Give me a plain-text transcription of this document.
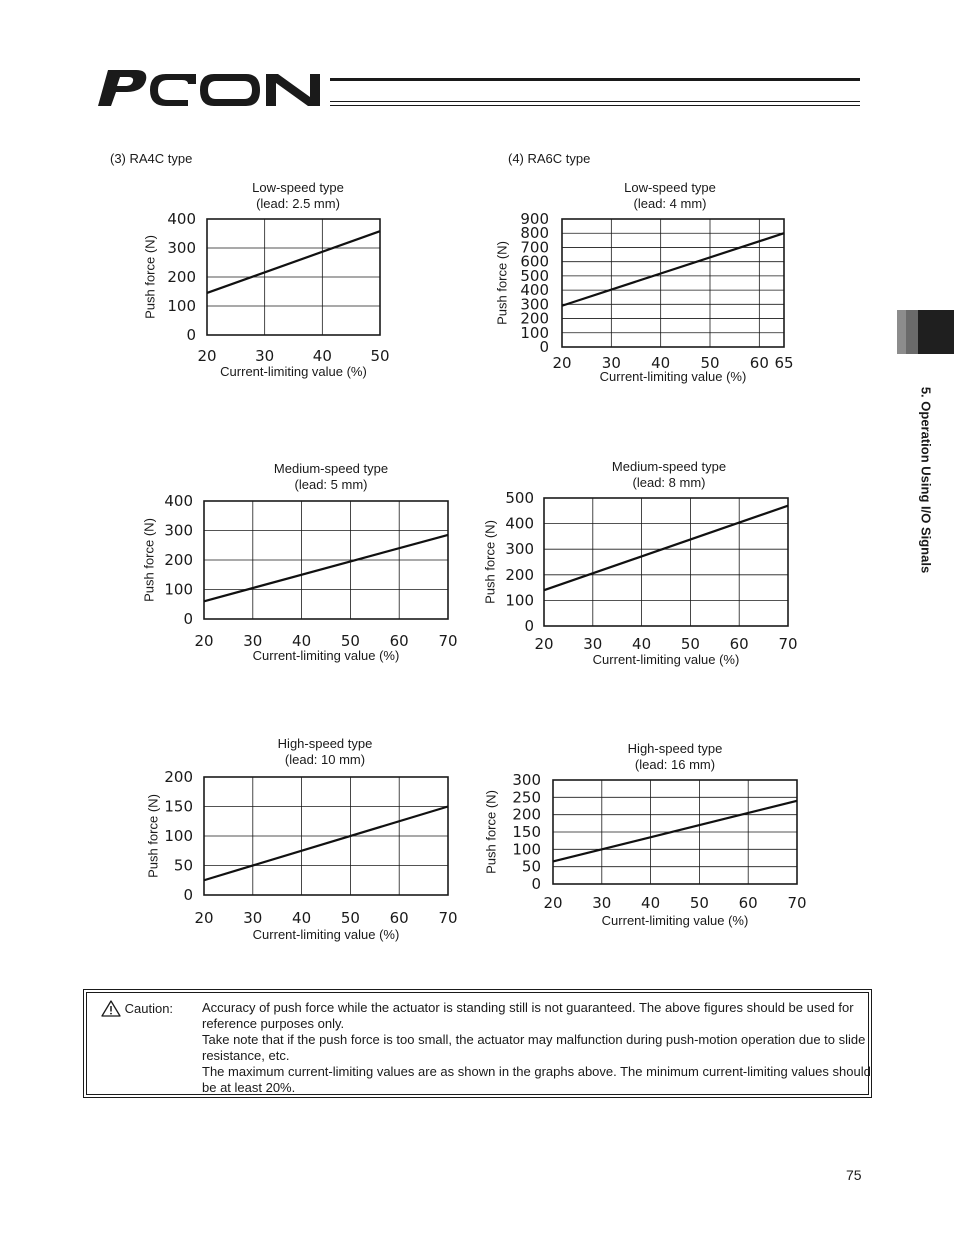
PCON
(3) RA4C type	(4) RA6C type
Low-speed type
(lead: 2.5 mm)
Current-limiting value (%)
Push force (N)
20	30	40	50
0
100
200
300
400
Low-speed type
(lead: 4 mm)
Current-limiting value (%)
Push force (N)
20 30 40 50 60 65
0
100
200
300
400
500
600
700
800
900
Medium-speed type
(lead: 5 mm)
Current-limiting value (%)
Push force (N)
20 30 40 50 60 70
0
100
200
300
400
Medium-speed type
(lead: 8 mm)
Current-limiting value (%)
Push force (N)
20 30 40 50 60 70
0
100
200
300
400
500
High-speed type
(lead: 10 mm)
Current-limiting value (%)
Push force (N)
20 30 40 50 60 70
0
50
100
150
200
High-speed type
(lead: 16 mm)
Current-limiting value (%)
Push force (N)
20 30 40 50 60 70
0
50
100
150
200
250
300
5. Operation Using I/O Signals
Caution: Accuracy of push force while the actuator is standing still is not guaranteed. The above figures should be used for reference purposes only.

Take note that if the push force is too small, the actuator may malfunction during push-motion operation due to slide resistance, etc.

The maximum current-limiting values are as shown in the graphs above. The minimum current-limiting values should be at least 20%.

75
